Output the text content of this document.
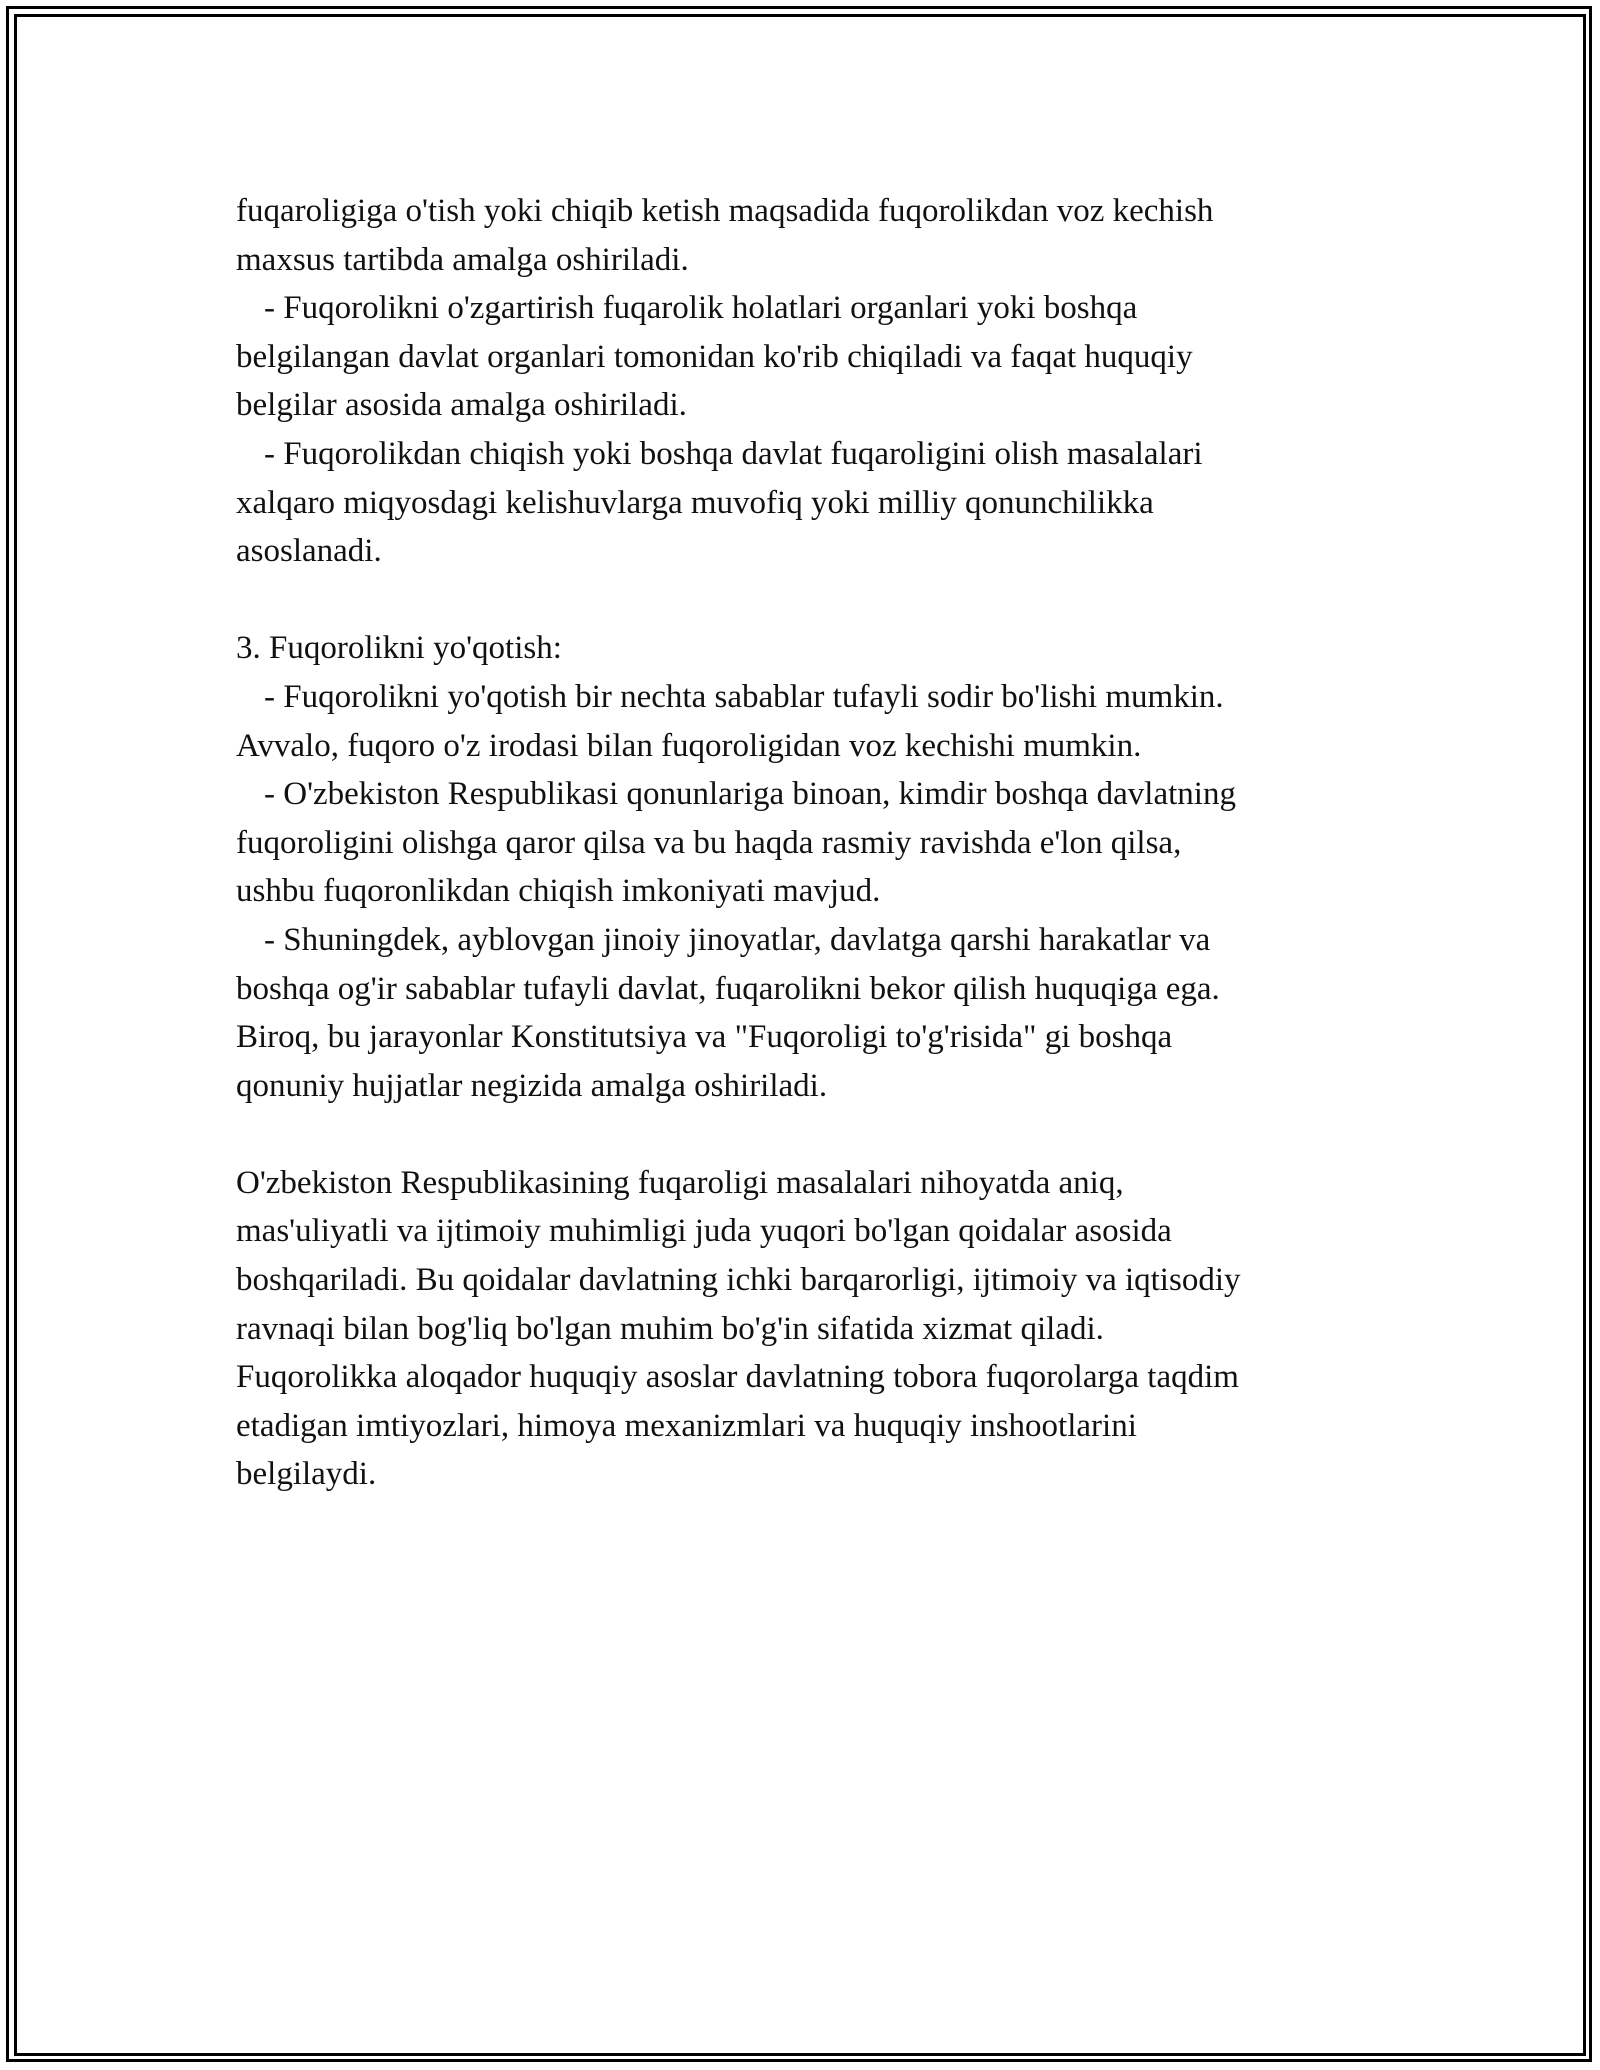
fuqaroligiga o'tish yoki chiqib ketish maqsadida fuqorolikdan voz kechish
maxsus tartibda amalga oshiriladi.

- Fuqorolikni o'zgartirish fuqarolik holatlari organlari yoki boshqa
belgilangan davlat organlari tomonidan ko'rib chiqiladi va faqat huquqiy
belgilar asosida amalga oshiriladi.

- Fuqorolikdan chiqish yoki boshqa davlat fuqaroligini olish masalalari
xalqaro miqyosdagi kelishuvlarga muvofiq yoki milliy qonunchilikka
asoslanadi.

3. Fuqorolikni yo'qotish:

- Fuqorolikni yo'qotish bir nechta sabablar tufayli sodir bo'lishi mumkin.
Avvalo, fuqoro o'z irodasi bilan fuqoroligidan voz kechishi mumkin.

- O'zbekiston Respublikasi qonunlariga binoan, kimdir boshqa davlatning
fuqoroligini olishga qaror qilsa va bu haqda rasmiy ravishda e'lon qilsa,
ushbu fuqoronlikdan chiqish imkoniyati mavjud.

- Shuningdek, ayblovgan jinoiy jinoyatlar, davlatga qarshi harakatlar va
boshqa og'ir sabablar tufayli davlat, fuqarolikni bekor qilish huquqiga ega.
Biroq, bu jarayonlar Konstitutsiya va "Fuqoroligi to'g'risida" gi boshqa
qonuniy hujjatlar negizida amalga oshiriladi.

O'zbekiston Respublikasining fuqaroligi masalalari nihoyatda aniq,
mas'uliyatli va ijtimoiy muhimligi juda yuqori bo'lgan qoidalar asosida
boshqariladi. Bu qoidalar davlatning ichki barqarorligi, ijtimoiy va iqtisodiy
ravnaqi bilan bog'liq bo'lgan muhim bo'g'in sifatida xizmat qiladi.
Fuqorolikka aloqador huquqiy asoslar davlatning tobora fuqorolarga taqdim
etadigan imtiyozlari, himoya mexanizmlari va huquqiy inshootlarini
belgilaydi.
